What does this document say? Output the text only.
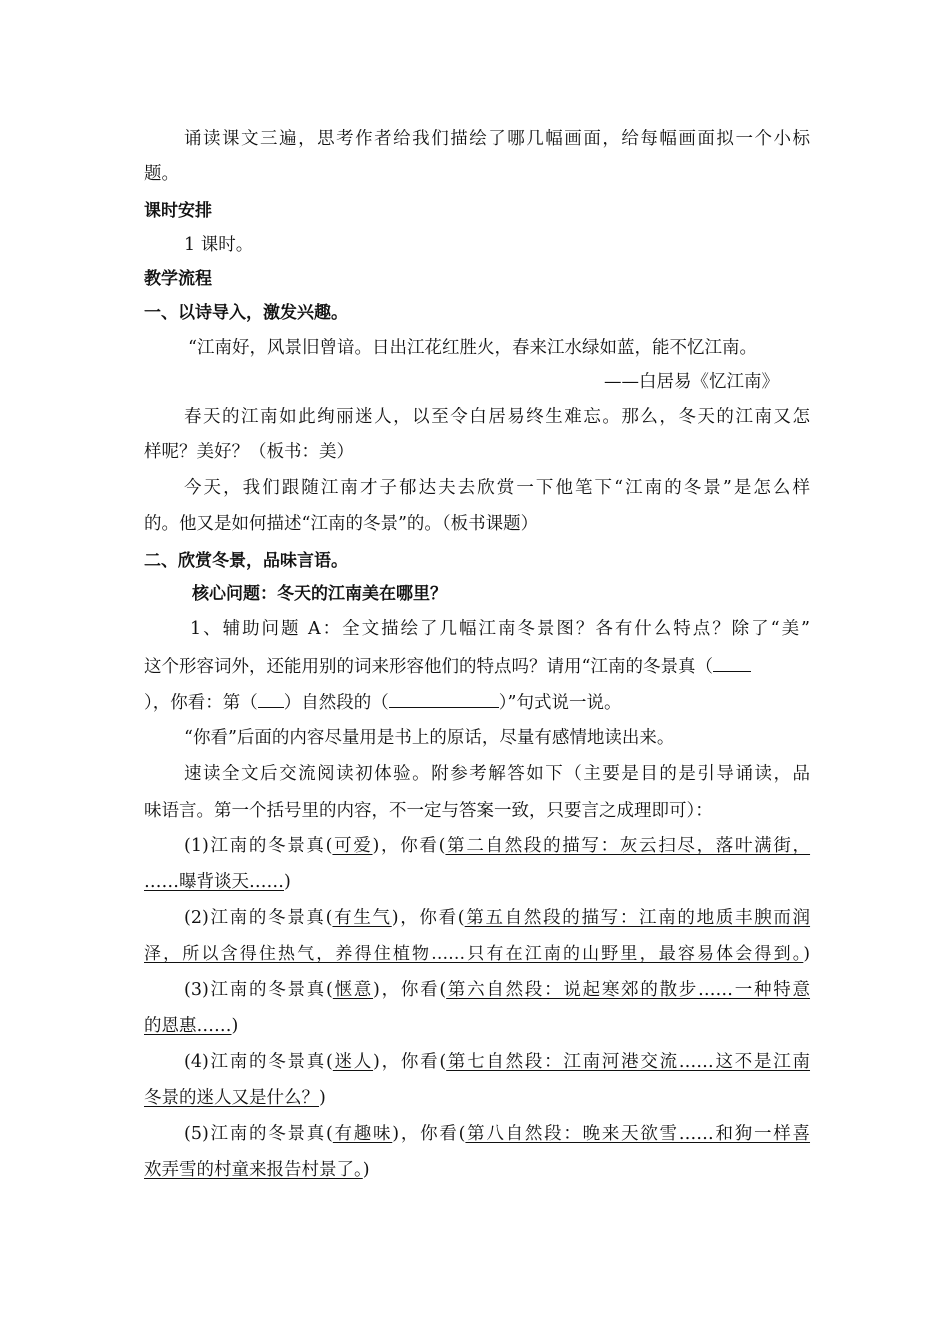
诵读课文三遍，思考作者给我们描绘了哪几幅画面，给每幅画面拟一个小标
题。
课时安排
1 课时。
教学流程
一、以诗导入，激发兴趣。
“江南好，风景旧曾谙。日出江花红胜火，春来江水绿如蓝，能不忆江南。
——白居易《忆江南》
春天的江南如此绚丽迷人，以至令白居易终生难忘。那么，冬天的江南又怎
样呢？美好？（板书：美）
今天，我们跟随江南才子郁达夫去欣赏一下他笔下“江南的冬景”是怎么样
的。他又是如何描述“江南的冬景”的。（板书课题）
二、欣赏冬景，品味言语。
核心问题：冬天的江南美在哪里？
1、辅助问题 A：全文描绘了几幅江南冬景图？各有什么特点？除了“美”
这个形容词外，还能用别的词来形容他们的特点吗？请用“江南的冬景真（
），你看：第（ ）自然段的（	）”句式说一说。
“你看”后面的内容尽量用是书上的原话，尽量有感情地读出来。
速读全文后交流阅读初体验。附参考解答如下（主要是目的是引导诵读，品
味语言。第一个括号里的内容，不一定与答案一致，只要言之成理即可）：
(1)江南的冬景真(可爱)，你看(第二自然段的描写：灰云扫尽，落叶满街，
……曝背谈天……)
(2)江南的冬景真(有生气)，你看(第五自然段的描写：江南的地质丰腴而润
泽，所以含得住热气，养得住植物……只有在江南的山野里，最容易体会得到。)
(3)江南的冬景真(惬意)，你看(第六自然段：说起寒郊的散步……一种特意
的恩惠……)
(4)江南的冬景真(迷人)，你看(第七自然段：江南河港交流……这不是江南
冬景的迷人又是什么？)
(5)江南的冬景真(有趣味)，你看(第八自然段：晚来天欲雪……和狗一样喜
欢弄雪的村童来报告村景了。)
